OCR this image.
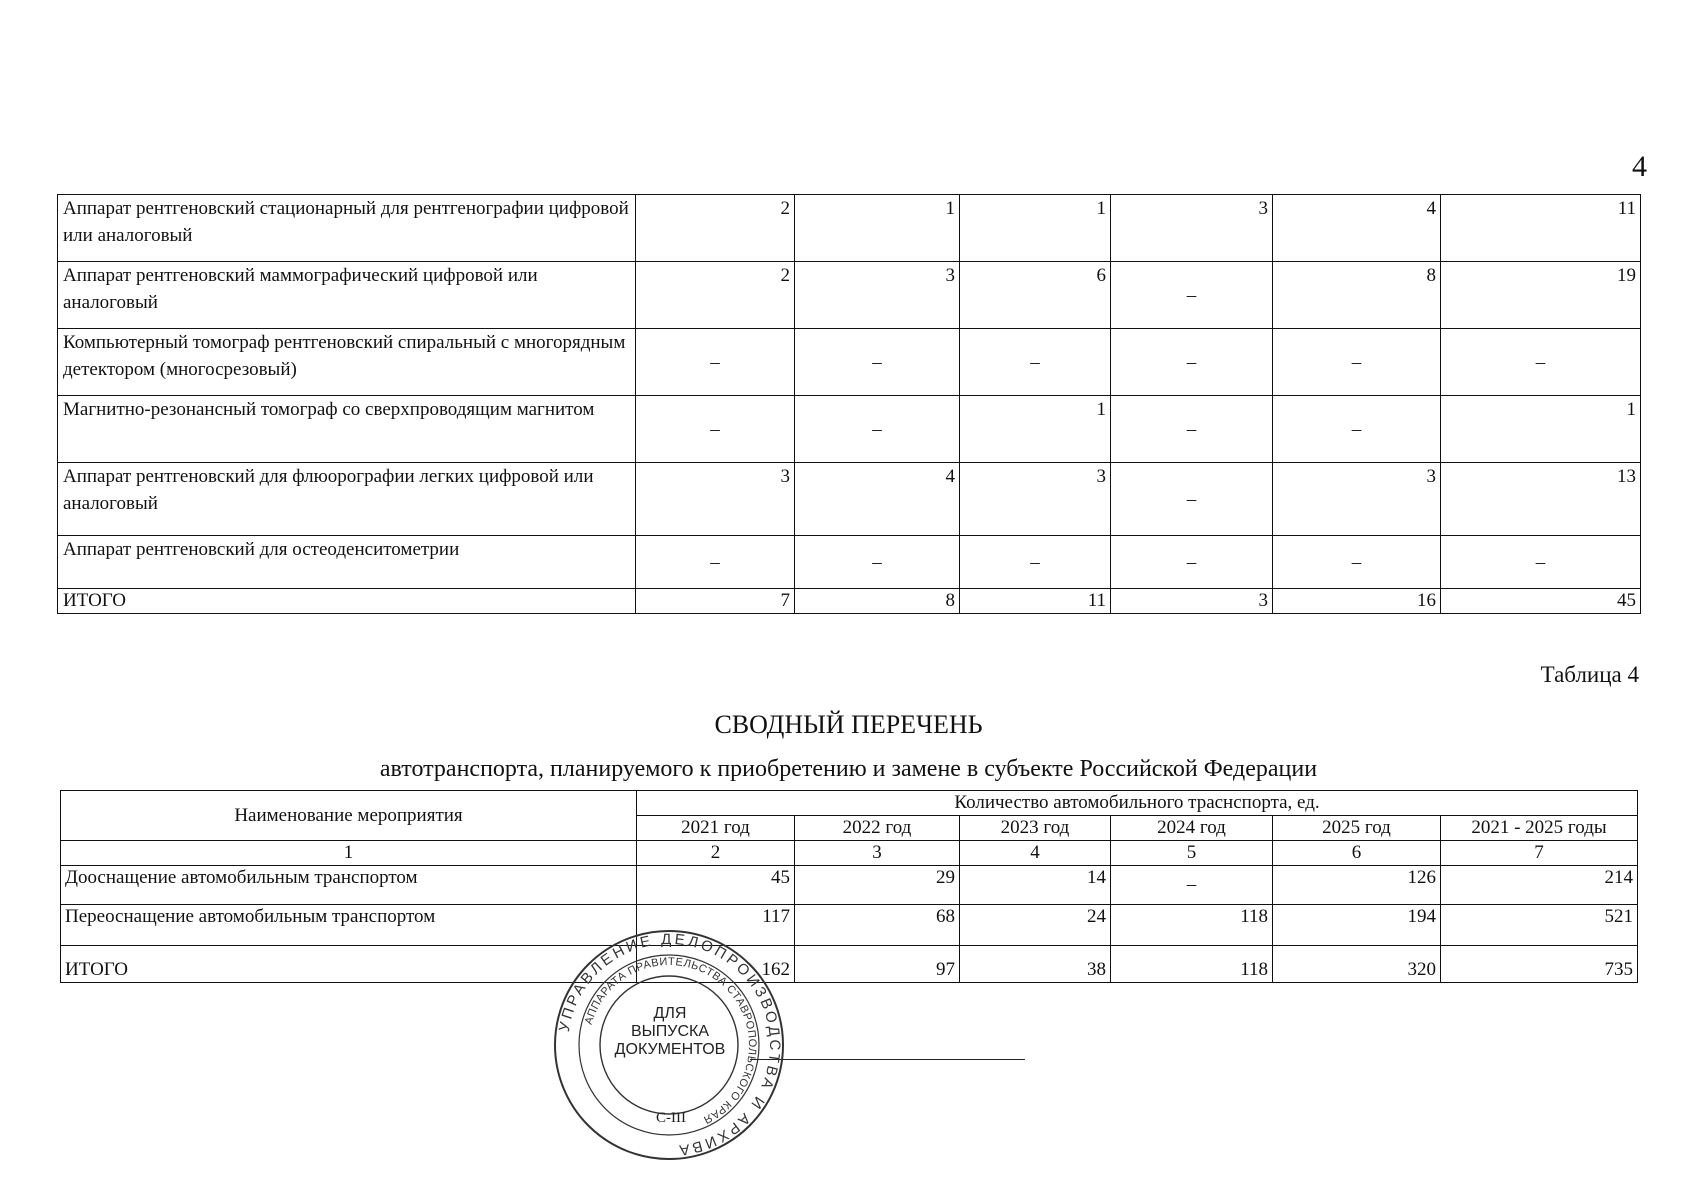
4
Аппарат рентгеновский стационарный для рентгенографии цифровой или аналоговый	2	1	1	3	4	11
Аппарат рентгеновский маммографический цифровой или аналоговый	2	3	6	–	8	19
Компьютерный томограф рентгеновский спиральный с многорядным детектором (многосрезовый)	–	–	–	–	–	–
Магнитно-резонансный томограф со сверхпроводящим магнитом	–	–	1	–	–	1
Аппарат рентгеновский для флюорографии легких цифровой или аналоговый	3	4	3	–	3	13
Аппарат рентгеновский для остеоденситометрии	–	–	–	–	–	–
ИТОГО	7	8	11	3	16	45
Таблица 4
СВОДНЫЙ ПЕРЕЧЕНЬ
автотранспорта, планируемого к приобретению и замене в субъекте Российской Федерации
Наименование мероприятия	Количество автомобильного траснспорта, ед.					
	2021 год	2022 год	2023 год	2024 год	2025 год	2021 - 2025 годы
1	2	3	4	5	6	7
Дооснащение автомобильным транспортом	45	29	14	–	126	214
Переоснащение автомобильным транспортом	117	68	24	118	194	521
ИТОГО	162	97	38	118	320	735
УПРАВЛЕНИЕ ДЕЛОПРОИЗВОДСТВА И АРХИВА
АППАРАТА ПРАВИТЕЛЬСТВА СТАВРОПОЛЬСКОГО КРАЯ
ДЛЯ
ВЫПУСКА
ДОКУМЕНТОВ
С-III
